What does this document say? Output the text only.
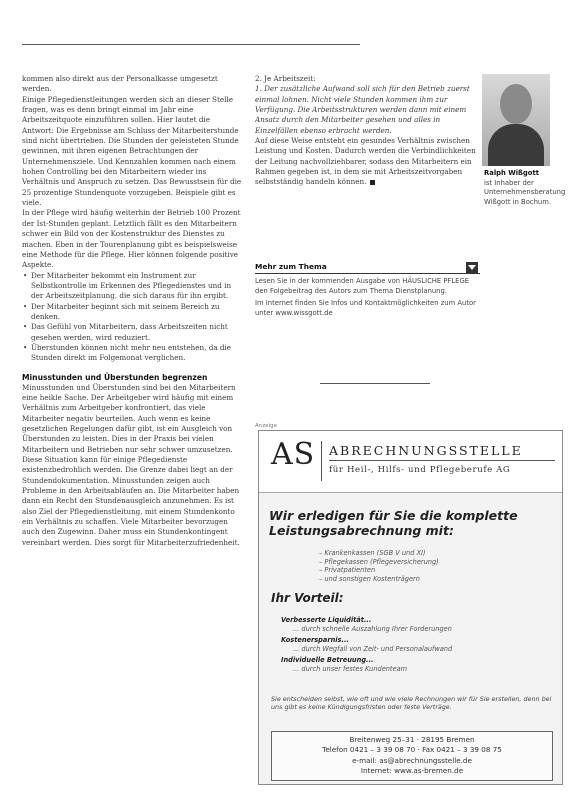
kommen also direkt aus der Personalkasse umgesetzt werden.

Einige Pflegedienstleitungen werden sich an dieser Stelle fragen, was es denn bringt einmal im Jahr eine Arbeitszeitquote einzuführen sollen. Hier lautet die Antwort: Die Ergebnisse am Schluss der Mitarbeiterstunde sind nicht übertrieben. Die Stunden der geleisteten Stunde gewinnen, mit ihren eigenen Betrachtungen der Unternehmensziele. Und Kennzahlen kommen nach einem hohen Controlling bei den Mitarbeitern wieder ins Verhältnis und Anspruch zu setzen. Das Bewusstsein für die 25 prozentige Stundenquote vorzugeben. Beispiele gibt es viele.

In der Pflege wird häufig weiterhin der Betrieb 100 Prozent der Ist-Stunden geplant. Letztlich fällt es den Mitarbeitern schwer ein Bild von der Kostenstruktur des Dienstes zu machen. Eben in der Tourenplanung gibt es beispielsweise eine Methode für die Pflege. Hier können folgende positive Aspekte.

• Der Mitarbeiter bekommt ein Instrument zur Selbstkontrolle im Erkennen des Pflegedienstes und in der Arbeitszeitplanung, die sich daraus für ihn ergibt.
• Der Mitarbeiter beginnt sich mit seinem Bereich zu denken.
• Das Gefühl von Mitarbeitern, dass Arbeitszeiten nicht gesehen werden, wird reduziert.
• Überstunden können nicht mehr neu entstehen, da die Stunden direkt im Folgemonat verglichen.
Minusstunden und Überstunden begrenzen

Minusstunden und Überstunden sind bei den Mitarbeitern eine heikle Sache. Der Arbeitgeber wird häufig mit einem Verhältnis zum Arbeitgeber konfrontiert, das viele Mitarbeiter negativ beurteilen. Auch wenn es keine gesetzlichen Regelungen dafür gibt, ist ein Ausgleich von Überstunden zu leisten. Dies in der Praxis bei vielen Mitarbeitern und Betrieben nur sehr schwer umzusetzen. Diese Situation kann für einige Pflegedienste existenzbedrohlich werden. Die Grenze dabei liegt an der Stundendokumentation. Minusstunden zeigen auch Probleme in den Arbeitsabläufen an. Die Mitarbeiter haben dann ein Recht den Stundenausgleich anzunehmen. Es ist also Ziel der Pflegedienstleitung, mit einem Stundenkonto ein Verhältnis zu schaffen. Viele Mitarbeiter bevorzugen auch den Zugewinn. Daher muss ein Stundenkontingent vereinbart werden. Dies sorgt für Mitarbeiterzufriedenheit.

2. Je Arbeitszeit:

1. Der zusätzliche Aufwand soll sich für den Betrieb zuerst einmal lohnen. Nicht viele Stunden kommen ihm zur Verfügung. Die Arbeitsstrukturen werden dann mit einem Ansatz durch den Mitarbeiter gesehen und alles in Einzelfällen ebenso erbracht werden.

Auf diese Weise entsteht ein gesundes Verhältnis zwischen Leistung und Kosten. Dadurch werden die Verbindlichkeiten der Leitung nachvollziehbarer, sodass den Mitarbeitern ein Rahmen gegeben ist, in dem sie mit Arbeitszeitvorgaben selbstständig handeln können.

Ralph Wißgott
ist Inhaber der Unternehmensberatung Wißgott in Bochum.
Mehr zum Thema

Lesen Sie in der kommenden Ausgabe von HÄUSLICHE PFLEGE den Folgebeitrag des Autors zum Thema Dienstplanung.

Im Internet finden Sie Infos und Kontaktmöglichkeiten zum Autor unter www.wissgott.de

Anzeige
AS ABRECHNUNGSSTELLE
für Heil-, Hilfs- und Pflegeberufe AG
Wir erledigen für Sie die komplette Leistungsabrechnung mit:
– Krankenkassen (SGB V und XI)
– Pflegekassen (Pflegeversicherung)
– Privatpatienten
– und sonstigen Kostenträgern
Ihr Vorteil:
Verbesserte Liquidität...
... durch schnelle Auszahlung Ihrer Forderungen
Kostenersparnis...
... durch Wegfall von Zeit- und Personalaufwand
Individuelle Betreuung...
... durch unser festes Kundenteam
Sie entscheiden selbst, wie oft und wie viele Rechnungen wir für Sie erstellen, denn bei uns gibt es keine Kündigungsfristen oder feste Verträge.
Breitenweg 25–31 · 28195 Bremen
Telefon 0421 – 3 39 08 70 · Fax 0421 – 3 39 08 75
e-mail: as@abrechnungsstelle.de
Internet: www.as-bremen.de
